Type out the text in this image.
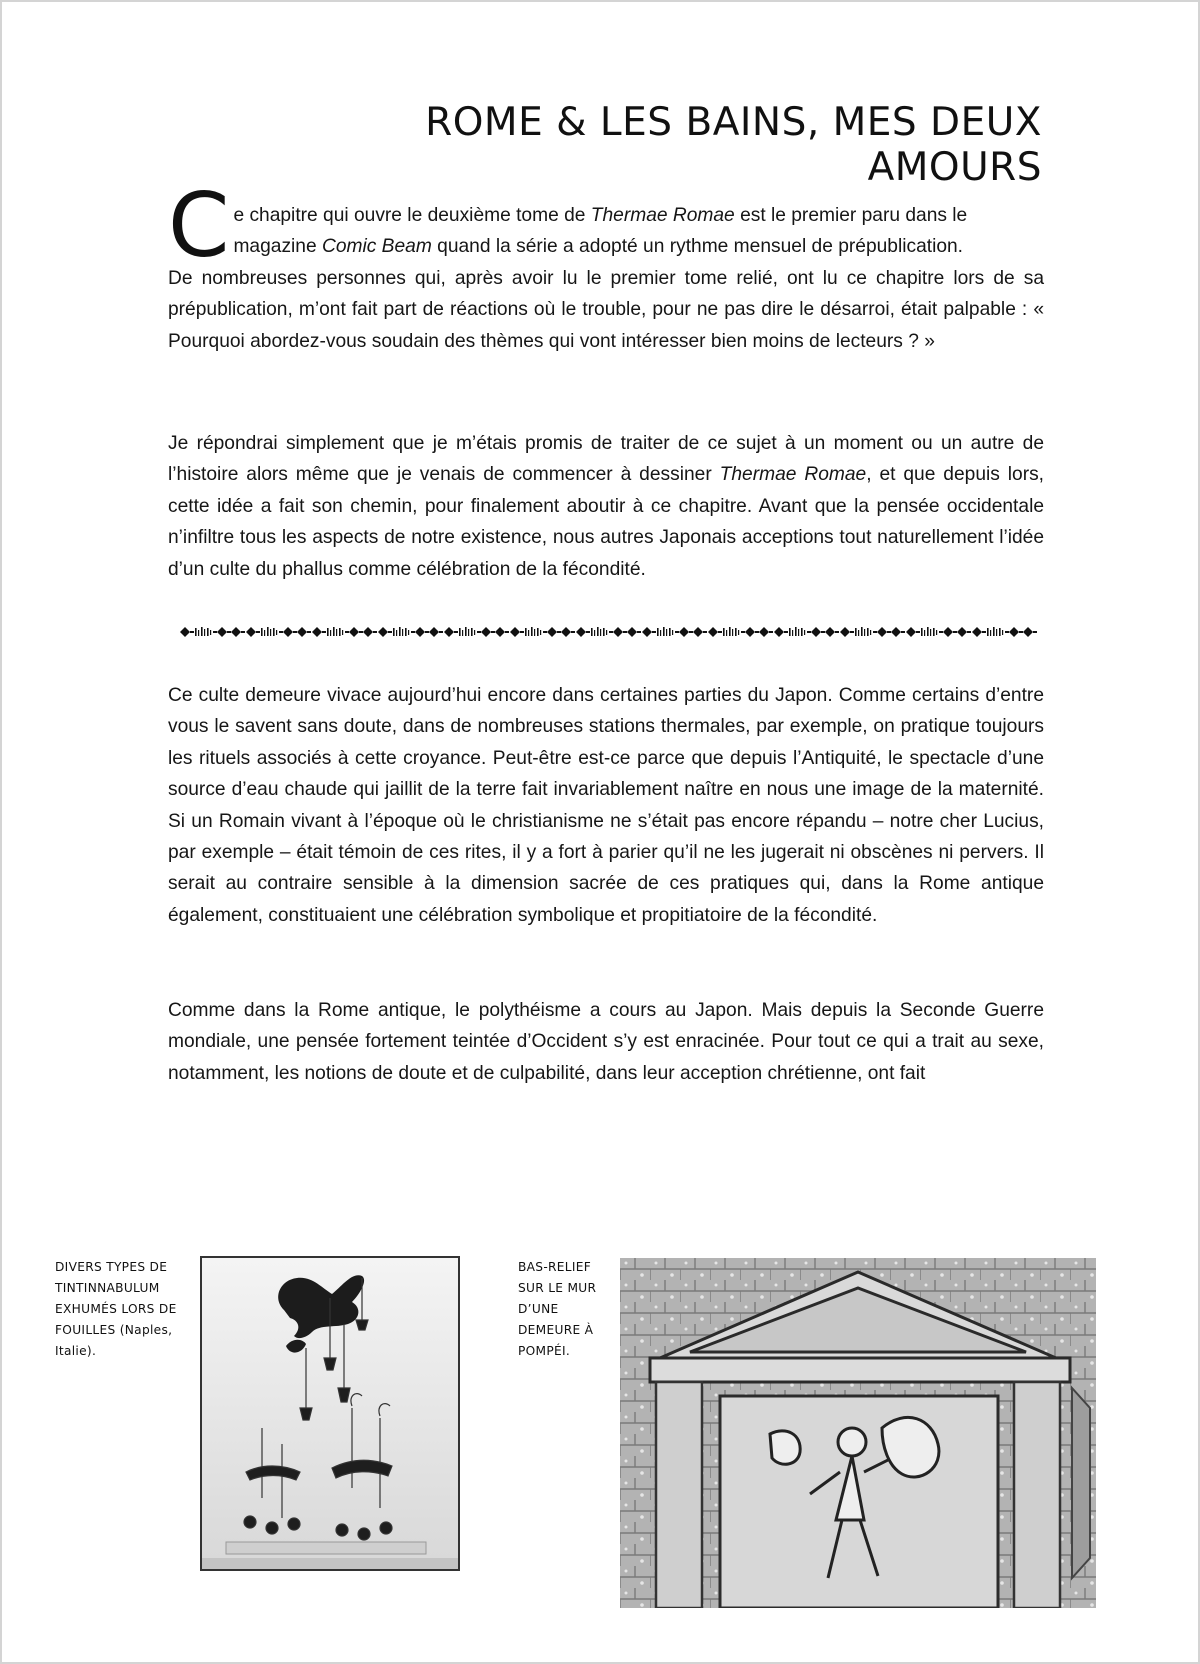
ROME & LES BAINS, MES DEUX AMOURS

Ce chapitre qui ouvre le deuxième tome de Thermae Romae est le premier paru dans le
magazine Comic Beam quand la série a adopté un rythme mensuel de prépublication.
De nombreuses personnes qui, après avoir lu le premier tome relié, ont lu ce chapitre lors de sa prépublication, m’ont fait part de réactions où le trouble, pour ne pas dire le désarroi, était palpable : « Pourquoi abordez-vous soudain des thèmes qui vont intéresser bien moins de lecteurs ? »

Je répondrai simplement que je m’étais promis de traiter de ce sujet à un moment ou un autre de l’histoire alors même que je venais de commencer à dessiner Thermae Romae, et que depuis lors, cette idée a fait son chemin, pour finalement aboutir à ce chapitre. Avant que la pensée occidentale n’infiltre tous les aspects de notre existence, nous autres Japonais acceptions tout naturellement l’idée d’un culte du phallus comme célébration de la fécondité.

Ce culte demeure vivace aujourd’hui encore dans certaines parties du Japon. Comme certains d’entre vous le savent sans doute, dans de nombreuses stations thermales, par exemple, on pratique toujours les rituels associés à cette croyance. Peut-être est-ce parce que depuis l’Antiquité, le spectacle d’une source d’eau chaude qui jaillit de la terre fait invariablement naître en nous une image de la maternité. Si un Romain vivant à l’époque où le christianisme ne s’était pas encore répandu – notre cher Lucius, par exemple – était témoin de ces rites, il y a fort à parier qu’il ne les jugerait ni obscènes ni pervers. Il serait au contraire sensible à la dimension sacrée de ces pratiques qui, dans la Rome antique également, constituaient une célébration symbolique et propitiatoire de la fécondité.

Comme dans la Rome antique, le polythéisme a cours au Japon. Mais depuis la Seconde Guerre mondiale, une pensée fortement teintée d’Occident s’y est enracinée. Pour tout ce qui a trait au sexe, notamment, les notions de doute et de culpabilité, dans leur acception chrétienne, ont fait

DIVERS TYPES DE TINTINNABULUM EXHUMÉS LORS DE FOUILLES (Naples, Italie).

BAS-RELIEF SUR LE MUR D’UNE DEMEURE À POMPÉI.
